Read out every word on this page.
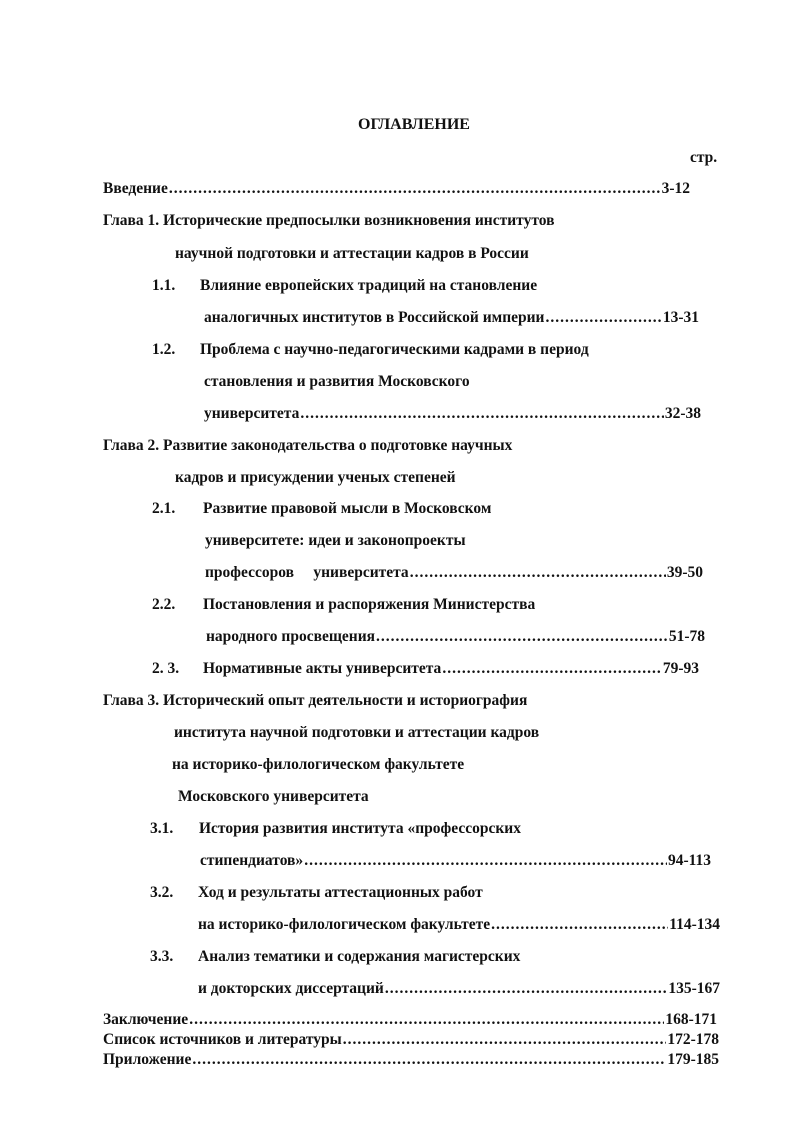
ОГЛАВЛЕНИЕ
стр.
Введение .....	3-12
Глава 1. Исторические предпосылки возникновения институтов
научной подготовки и аттестации кадров в России
1.1. Влияние европейских традиций на становление
аналогичных институтов в Российской империи .....	13-31
1.2. Проблема с научно-педагогическими кадрами в период
становления и развития Московского
университета .....	32-38
Глава 2. Развитие законодательства о подготовке научных
кадров и присуждении ученых степеней
2.1. Развитие правовой мысли в Московском
университете: идеи и законопроекты
профессоров     университета .....	39-50
2.2. Постановления и распоряжения Министерства
народного просвещения .....	51-78
2. 3. Нормативные акты университета .....	79-93
Глава 3. Исторический опыт деятельности и историография
института научной подготовки и аттестации кадров
на историко-филологическом факультете
Московского университета
3.1. История развития института «профессорских
стипендиатов» .....	94-113
3.2. Ход и результаты аттестационных работ
на историко-филологическом факультете .....	114-134
3.3. Анализ тематики и содержания магистерских
и докторских диссертаций .....	135-167
Заключение .....	168-171
Список источников и литературы .....	172-178
Приложение .....	179-185
